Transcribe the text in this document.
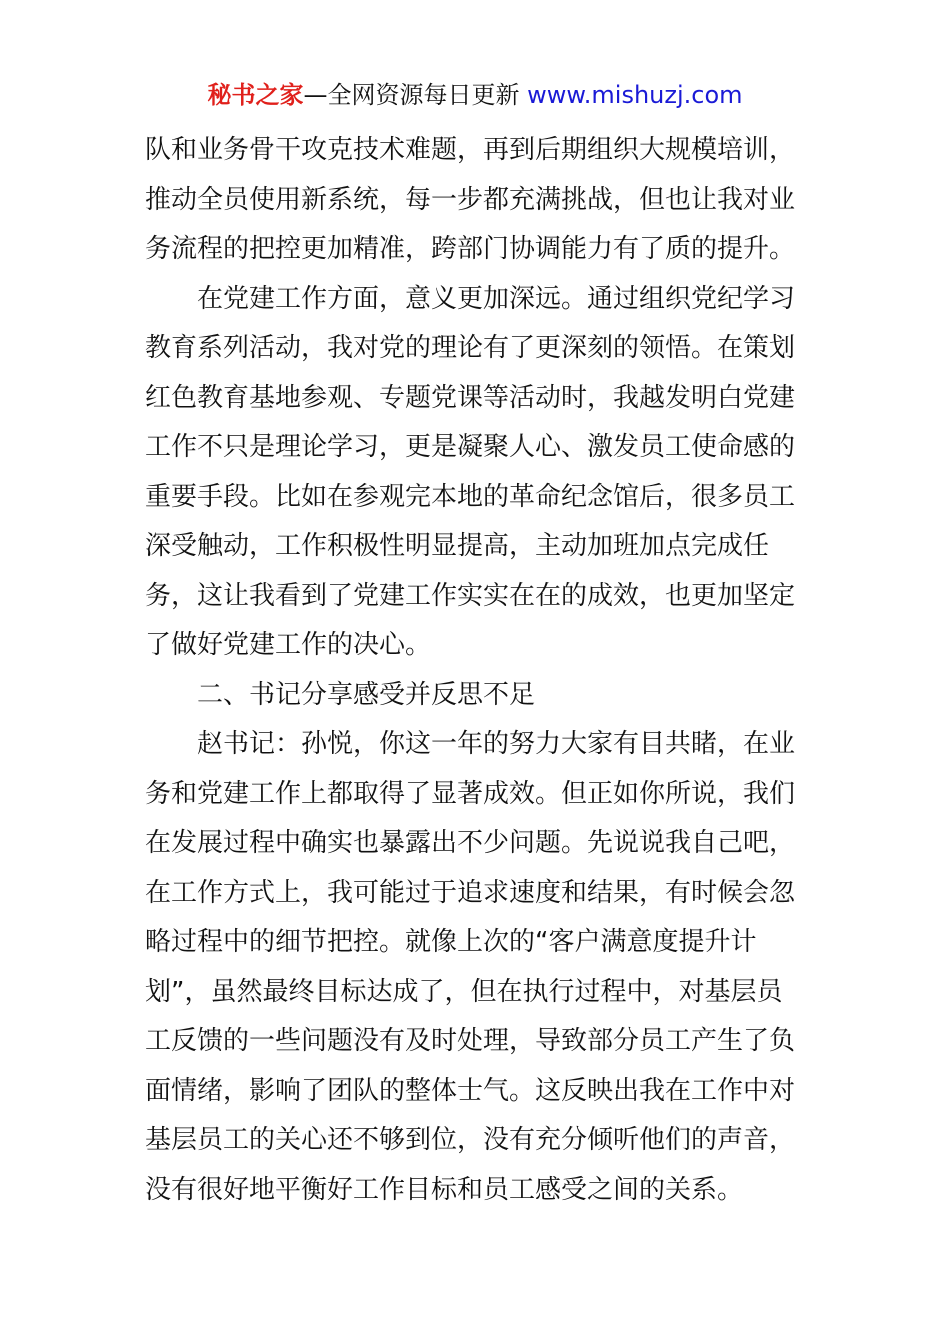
秘书之家—全网资源每日更新 www.mishuzj.com
队和业务骨干攻克技术难题，再到后期组织大规模培训，
推动全员使用新系统，每一步都充满挑战，但也让我对业
务流程的把控更加精准，跨部门协调能力有了质的提升。
在党建工作方面，意义更加深远。通过组织党纪学习
教育系列活动，我对党的理论有了更深刻的领悟。在策划
红色教育基地参观、专题党课等活动时，我越发明白党建
工作不只是理论学习，更是凝聚人心、激发员工使命感的
重要手段。比如在参观完本地的革命纪念馆后，很多员工
深受触动，工作积极性明显提高，主动加班加点完成任
务，这让我看到了党建工作实实在在的成效，也更加坚定
了做好党建工作的决心。
二、书记分享感受并反思不足
赵书记：孙悦，你这一年的努力大家有目共睹，在业
务和党建工作上都取得了显著成效。但正如你所说，我们
在发展过程中确实也暴露出不少问题。先说说我自己吧，
在工作方式上，我可能过于追求速度和结果，有时候会忽
略过程中的细节把控。就像上次的“客户满意度提升计
划”，虽然最终目标达成了，但在执行过程中，对基层员
工反馈的一些问题没有及时处理，导致部分员工产生了负
面情绪，影响了团队的整体士气。这反映出我在工作中对
基层员工的关心还不够到位，没有充分倾听他们的声音，
没有很好地平衡好工作目标和员工感受之间的关系。
